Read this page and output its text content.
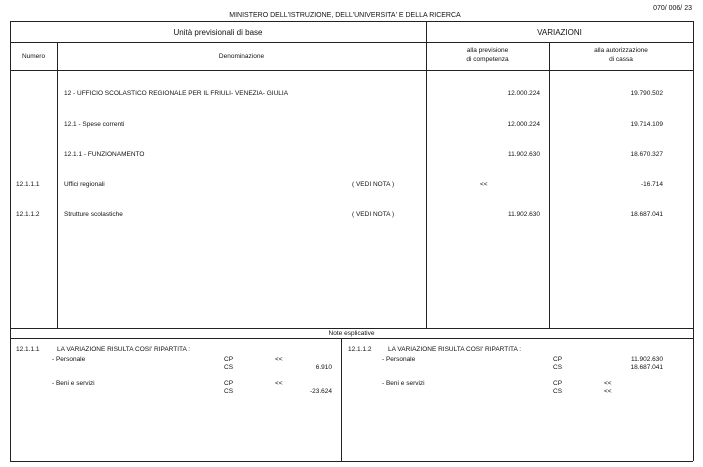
MINISTERO DELL'ISTRUZIONE, DELL'UNIVERSITA' E DELLA RICERCA
070/ 006/ 23
Unità previsionali di base	VARIAZIONI
Numero	Denominazione
alla previsione
di competenza
alla autorizzazione
di cassa
12 - UFFICIO SCOLASTICO REGIONALE PER IL FRIULI- VENEZIA- GIULIA	12.000.224	19.790.502
12.1 - Spese correnti	12.000.224	19.714.109
12.1.1 - FUNZIONAMENTO	11.902.630	18.670.327
12.1.1.1	Uffici regionali	( VEDI NOTA )	<<	-16.714
12.1.1.2	Strutture scolastiche	( VEDI NOTA )	11.902.630	18.687.041
Note esplicative
12.1.1.1	LA VARIAZIONE RISULTA COSI' RIPARTITA :
- Personale	CP	<<
CS	6.910
- Beni e servizi	CP	<<
CS	-23.624
12.1.1.2	LA VARIAZIONE RISULTA COSI' RIPARTITA :
- Personale	CP	11.902.630
CS	18.687.041
- Beni e servizi	CP	<<
CS	<<
